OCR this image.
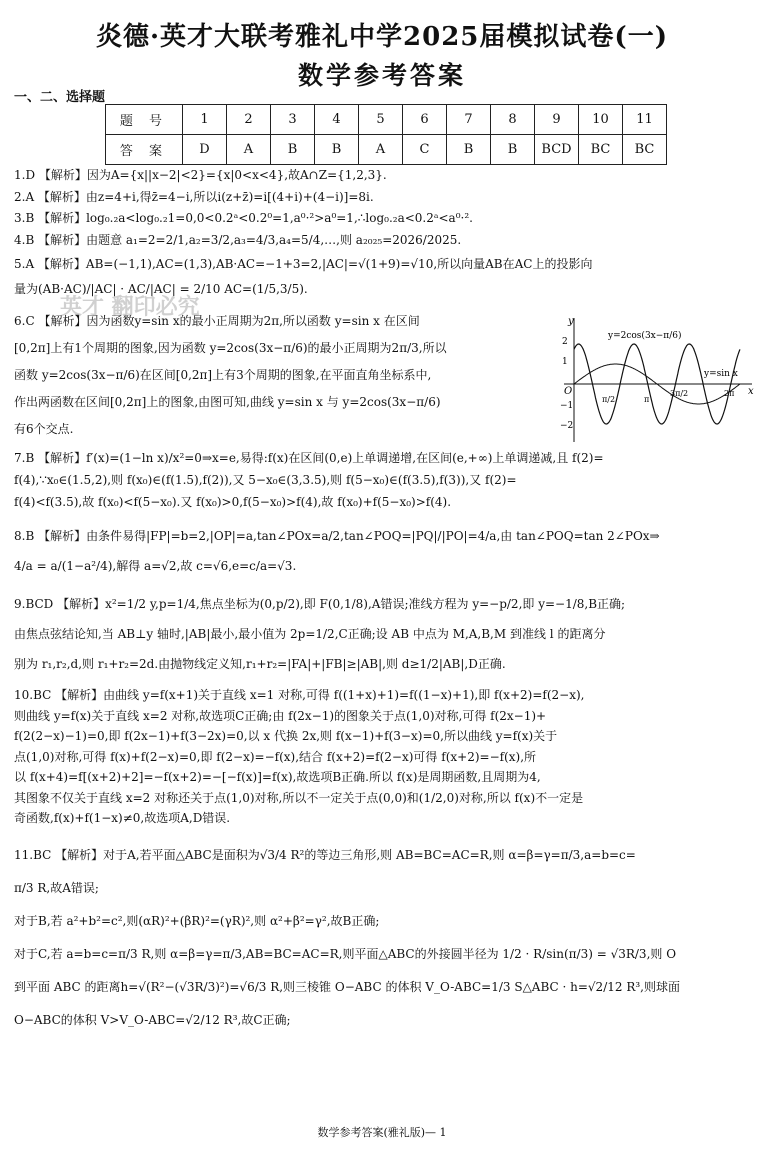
炎德·英才大联考雅礼中学2025届模拟试卷(一)
数学参考答案
一、二、选择题
题 号	1	2	3	4	5	6	7	8	9	10	11
答 案	D	A	B	B	A	C	B	B	BCD	BC	BC

1.D 【解析】因为A={x||x−2|<2}={x|0<x<4},故A∩Z={1,2,3}.

2.A 【解析】由z=4+i,得z̄=4−i,所以i(z+z̄)=i[(4+i)+(4−i)]=8i.

3.B 【解析】log₀.₂a<log₀.₂1=0,0<0.2ᵃ<0.2⁰=1,a⁰·²>a⁰=1,∴log₀.₂a<0.2ᵃ<a⁰·².

4.B 【解析】由题意 a₁=2=2/1,a₂=3/2,a₃=4/3,a₄=5/4,…,则 a₂₀₂₅=2026/2025.

5.A 【解析】AB=(−1,1),AC=(1,3),AB·AC=−1+3=2,|AC|=√(1+9)=√10,所以向量AB在AC上的投影向

量为(AB·AC)/|AC| · AC/|AC| = 2/10 AC=(1/5,3/5).

6.C 【解析】因为函数y=sin x的最小正周期为2π,所以函数 y=sin x 在区间

[0,2π]上有1个周期的图象,因为函数 y=2cos(3x−π/6)的最小正周期为2π/3,所以

函数 y=2cos(3x−π/6)在区间[0,2π]上有3个周期的图象,在平面直角坐标系中,

作出两函数在区间[0,2π]上的图象,由图可知,曲线 y=sin x 与 y=2cos(3x−π/6)

有6个交点.

7.B 【解析】f′(x)=(1−ln x)/x²=0⇒x=e,易得:f(x)在区间(0,e)上单调递增,在区间(e,+∞)上单调递减,且 f(2)=

f(4),∵x₀∈(1.5,2),则 f(x₀)∈(f(1.5),f(2)),又 5−x₀∈(3,3.5),则 f(5−x₀)∈(f(3.5),f(3)),又 f(2)=

f(4)<f(3.5),故 f(x₀)<f(5−x₀).又 f(x₀)>0,f(5−x₀)>f(4),故 f(x₀)+f(5−x₀)>f(4).

8.B 【解析】由条件易得|FP|=b=2,|OP|=a,tan∠POx=a/2,tan∠POQ=|PQ|/|PO|=4/a,由 tan∠POQ=tan 2∠POx⇒

4/a = a/(1−a²/4),解得 a=√2,故 c=√6,e=c/a=√3.

9.BCD 【解析】x²=1/2 y,p=1/4,焦点坐标为(0,p/2),即 F(0,1/8),A错误;准线方程为 y=−p/2,即 y=−1/8,B正确;

由焦点弦结论知,当 AB⊥y 轴时,|AB|最小,最小值为 2p=1/2,C正确;设 AB 中点为 M,A,B,M 到准线 l 的距离分

别为 r₁,r₂,d,则 r₁+r₂=2d.由抛物线定义知,r₁+r₂=|FA|+|FB|≥|AB|,则 d≥1/2|AB|,D正确.

10.BC 【解析】由曲线 y=f(x+1)关于直线 x=1 对称,可得 f((1+x)+1)=f((1−x)+1),即 f(x+2)=f(2−x),

则曲线 y=f(x)关于直线 x=2 对称,故选项C正确;由 f(2x−1)的图象关于点(1,0)对称,可得 f(2x−1)+

f(2(2−x)−1)=0,即 f(2x−1)+f(3−2x)=0,以 x 代换 2x,则 f(x−1)+f(3−x)=0,所以曲线 y=f(x)关于

点(1,0)对称,可得 f(x)+f(2−x)=0,即 f(2−x)=−f(x),结合 f(x+2)=f(2−x)可得 f(x+2)=−f(x),所

以 f(x+4)=f[(x+2)+2]=−f(x+2)=−[−f(x)]=f(x),故选项B正确.所以 f(x)是周期函数,且周期为4,

其图象不仅关于直线 x=2 对称还关于点(1,0)对称,所以不一定关于点(0,0)和(1/2,0)对称,所以 f(x)不一定是

奇函数,f(x)+f(1−x)≠0,故选项A,D错误.

11.BC 【解析】对于A,若平面△ABC是面积为√3/4 R²的等边三角形,则 AB=BC=AC=R,则 α=β=γ=π/3,a=b=c=

π/3 R,故A错误;

对于B,若 a²+b²=c²,则(αR)²+(βR)²=(γR)²,则 α²+β²=γ²,故B正确;

对于C,若 a=b=c=π/3 R,则 α=β=γ=π/3,AB=BC=AC=R,则平面△ABC的外接圆半径为 1/2 · R/sin(π/3) = √3R/3,则 O

到平面 ABC 的距离h=√(R²−(√3R/3)²)=√6/3 R,则三棱锥 O−ABC 的体积 V_O-ABC=1/3 S△ABC · h=√2/12 R³,则球面

O−ABC的体积 V>V_O-ABC=√2/12 R³,故C正确;

英才 翻印必究
y
x
O
2
1
−1
−2
π/2	π
3π/2	2π
y=2cos(3x−π/6)
y=sin x
数学参考答案(雅礼版)— 1
